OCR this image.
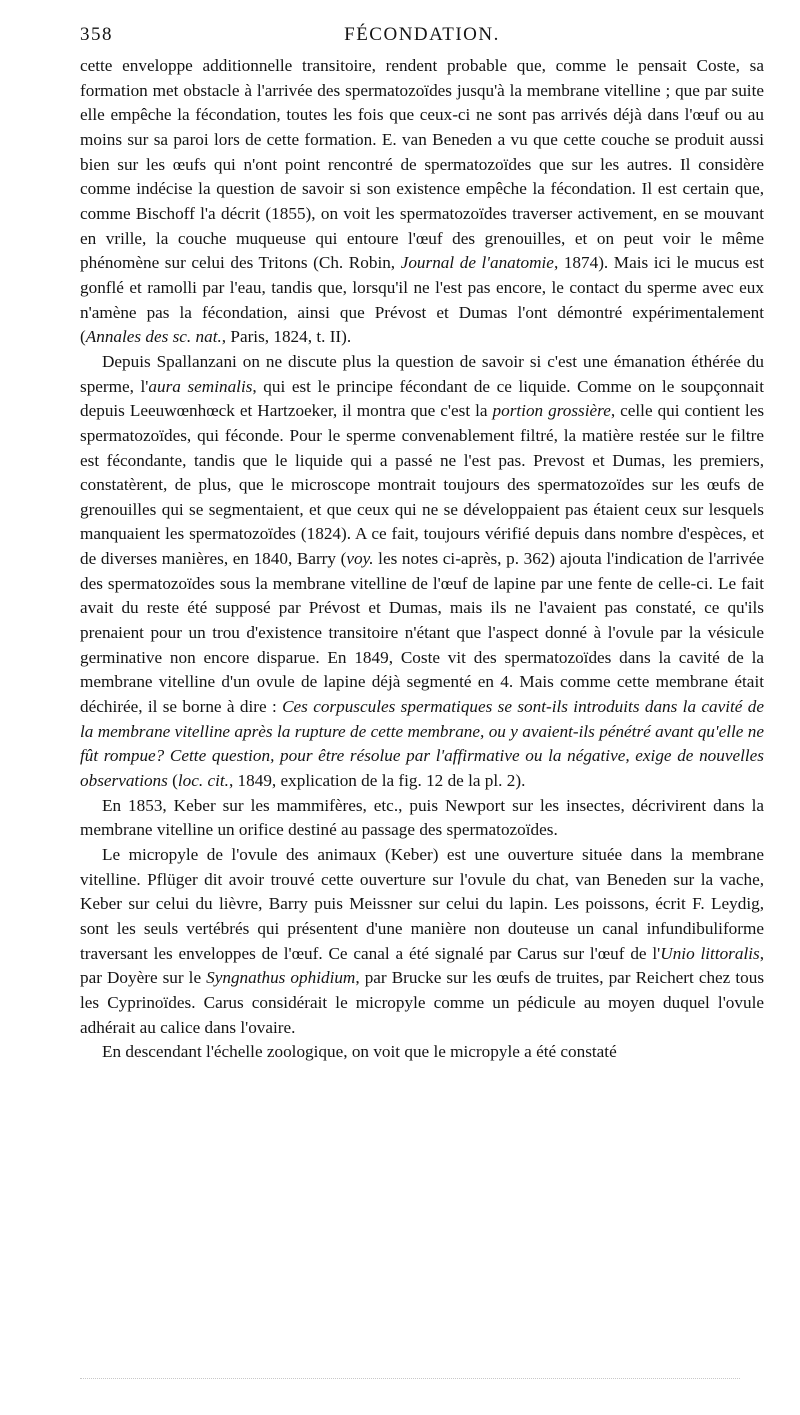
358	FÉCONDATION.

cette enveloppe additionnelle transitoire, rendent probable que, comme le pensait Coste, sa formation met obstacle à l'arrivée des spermatozoïdes jusqu'à la membrane vitelline ; que par suite elle empêche la fécondation, toutes les fois que ceux-ci ne sont pas arrivés déjà dans l'œuf ou au moins sur sa paroi lors de cette formation. E. van Beneden a vu que cette couche se produit aussi bien sur les œufs qui n'ont point rencontré de spermatozoïdes que sur les autres. Il considère comme indécise la question de savoir si son existence empêche la fécondation. Il est certain que, comme Bischoff l'a décrit (1855), on voit les spermatozoïdes traverser activement, en se mouvant en vrille, la couche muqueuse qui entoure l'œuf des grenouilles, et on peut voir le même phénomène sur celui des Tritons (Ch. Robin, Journal de l'anatomie, 1874). Mais ici le mucus est gonflé et ramolli par l'eau, tandis que, lorsqu'il ne l'est pas encore, le contact du sperme avec eux n'amène pas la fécondation, ainsi que Prévost et Dumas l'ont démontré expérimentalement (Annales des sc. nat., Paris, 1824, t. II).

Depuis Spallanzani on ne discute plus la question de savoir si c'est une émanation éthérée du sperme, l'aura seminalis, qui est le principe fécondant de ce liquide. Comme on le soupçonnait depuis Leeuwœnhœck et Hartzoeker, il montra que c'est la portion grossière, celle qui contient les spermatozoïdes, qui féconde. Pour le sperme convenablement filtré, la matière restée sur le filtre est fécondante, tandis que le liquide qui a passé ne l'est pas. Prevost et Dumas, les premiers, constatèrent, de plus, que le microscope montrait toujours des spermatozoïdes sur les œufs de grenouilles qui se segmentaient, et que ceux qui ne se développaient pas étaient ceux sur lesquels manquaient les spermatozoïdes (1824). A ce fait, toujours vérifié depuis dans nombre d'espèces, et de diverses manières, en 1840, Barry (voy. les notes ci-après, p. 362) ajouta l'indication de l'arrivée des spermatozoïdes sous la membrane vitelline de l'œuf de lapine par une fente de celle-ci. Le fait avait du reste été supposé par Prévost et Dumas, mais ils ne l'avaient pas constaté, ce qu'ils prenaient pour un trou d'existence transitoire n'étant que l'aspect donné à l'ovule par la vésicule germinative non encore disparue. En 1849, Coste vit des spermatozoïdes dans la cavité de la membrane vitelline d'un ovule de lapine déjà segmenté en 4. Mais comme cette membrane était déchirée, il se borne à dire : Ces corpuscules spermatiques se sont-ils introduits dans la cavité de la membrane vitelline après la rupture de cette membrane, ou y avaient-ils pénétré avant qu'elle ne fût rompue? Cette question, pour être résolue par l'affirmative ou la négative, exige de nouvelles observations (loc. cit., 1849, explication de la fig. 12 de la pl. 2).

En 1853, Keber sur les mammifères, etc., puis Newport sur les insectes, décrivirent dans la membrane vitelline un orifice destiné au passage des spermatozoïdes.

Le micropyle de l'ovule des animaux (Keber) est une ouverture située dans la membrane vitelline. Pflüger dit avoir trouvé cette ouverture sur l'ovule du chat, van Beneden sur la vache, Keber sur celui du lièvre, Barry puis Meissner sur celui du lapin. Les poissons, écrit F. Leydig, sont les seuls vertébrés qui présentent d'une manière non douteuse un canal infundibuliforme traversant les enveloppes de l'œuf. Ce canal a été signalé par Carus sur l'œuf de l'Unio littoralis, par Doyère sur le Syngnathus ophidium, par Brucke sur les œufs de truites, par Reichert chez tous les Cyprinoïdes. Carus considérait le micropyle comme un pédicule au moyen duquel l'ovule adhérait au calice dans l'ovaire.

En descendant l'échelle zoologique, on voit que le micropyle a été constaté
